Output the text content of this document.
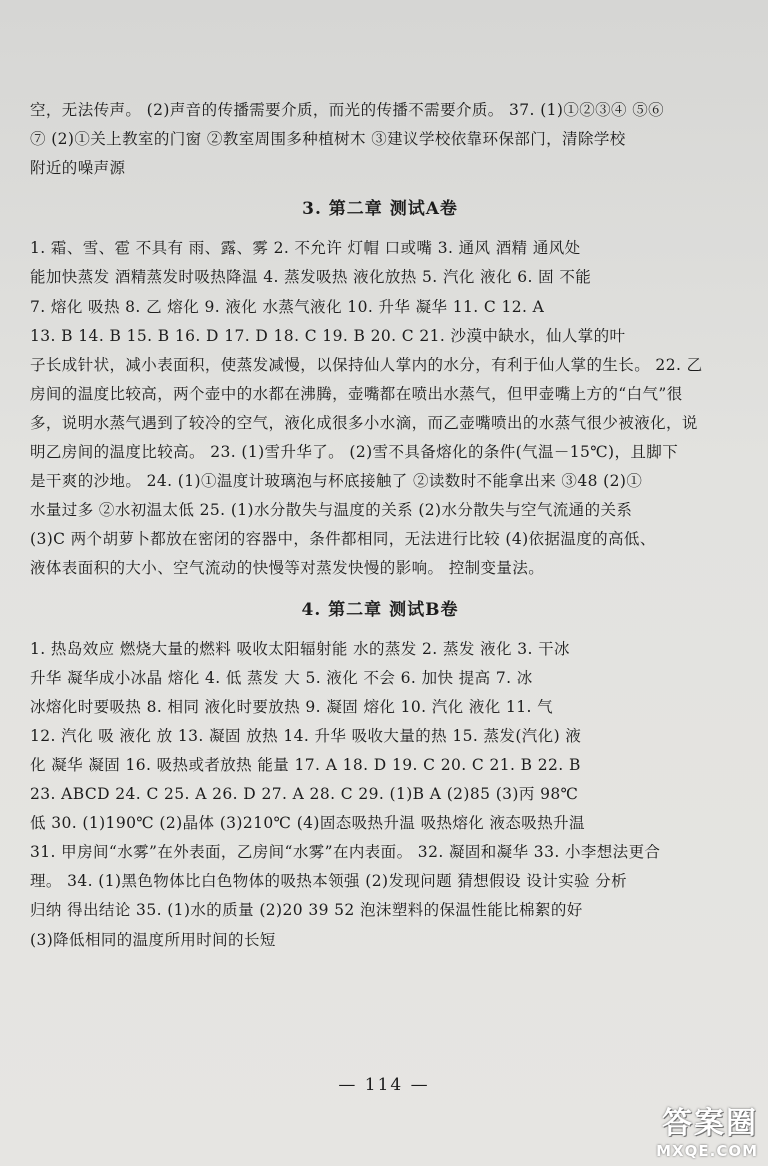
空，无法传声。 (2)声音的传播需要介质，而光的传播不需要介质。 37. (1)①②③④ ⑤⑥
⑦ (2)①关上教室的门窗 ②教室周围多种植树木 ③建议学校依靠环保部门，清除学校
附近的噪声源
3. 第二章 测试A卷
1. 霜、雪、雹 不具有 雨、露、雾 2. 不允许 灯帽 口或嘴 3. 通风 酒精 通风处
能加快蒸发 酒精蒸发时吸热降温 4. 蒸发吸热 液化放热 5. 汽化 液化 6. 固 不能
7. 熔化 吸热 8. 乙 熔化 9. 液化 水蒸气液化 10. 升华 凝华 11. C 12. A
13. B 14. B 15. B 16. D 17. D 18. C 19. B 20. C 21. 沙漠中缺水，仙人掌的叶
子长成针状，减小表面积，使蒸发减慢，以保持仙人掌内的水分，有利于仙人掌的生长。 22. 乙
房间的温度比较高，两个壶中的水都在沸腾，壶嘴都在喷出水蒸气，但甲壶嘴上方的“白气”很
多，说明水蒸气遇到了较冷的空气，液化成很多小水滴，而乙壶嘴喷出的水蒸气很少被液化，说
明乙房间的温度比较高。 23. (1)雪升华了。 (2)雪不具备熔化的条件(气温－15℃)，且脚下
是干爽的沙地。 24. (1)①温度计玻璃泡与杯底接触了 ②读数时不能拿出来 ③48 (2)①
水量过多 ②水初温太低 25. (1)水分散失与温度的关系 (2)水分散失与空气流通的关系
(3)C 两个胡萝卜都放在密闭的容器中，条件都相同，无法进行比较 (4)依据温度的高低、
液体表面积的大小、空气流动的快慢等对蒸发快慢的影响。 控制变量法。
4. 第二章 测试B卷
1. 热岛效应 燃烧大量的燃料 吸收太阳辐射能 水的蒸发 2. 蒸发 液化 3. 干冰
升华 凝华成小冰晶 熔化 4. 低 蒸发 大 5. 液化 不会 6. 加快 提高 7. 冰
冰熔化时要吸热 8. 相同 液化时要放热 9. 凝固 熔化 10. 汽化 液化 11. 气
12. 汽化 吸 液化 放 13. 凝固 放热 14. 升华 吸收大量的热 15. 蒸发(汽化) 液
化 凝华 凝固 16. 吸热或者放热 能量 17. A 18. D 19. C 20. C 21. B 22. B
23. ABCD 24. C 25. A 26. D 27. A 28. C 29. (1)B A (2)85 (3)丙 98℃
低 30. (1)190℃ (2)晶体 (3)210℃ (4)固态吸热升温 吸热熔化 液态吸热升温
31. 甲房间“水雾”在外表面，乙房间“水雾”在内表面。 32. 凝固和凝华 33. 小李想法更合
理。 34. (1)黑色物体比白色物体的吸热本领强 (2)发现问题 猜想假设 设计实验 分析
归纳 得出结论 35. (1)水的质量 (2)20 39 52 泡沫塑料的保温性能比棉絮的好
(3)降低相同的温度所用时间的长短
— 114 —
答案圈
MXQE.COM
